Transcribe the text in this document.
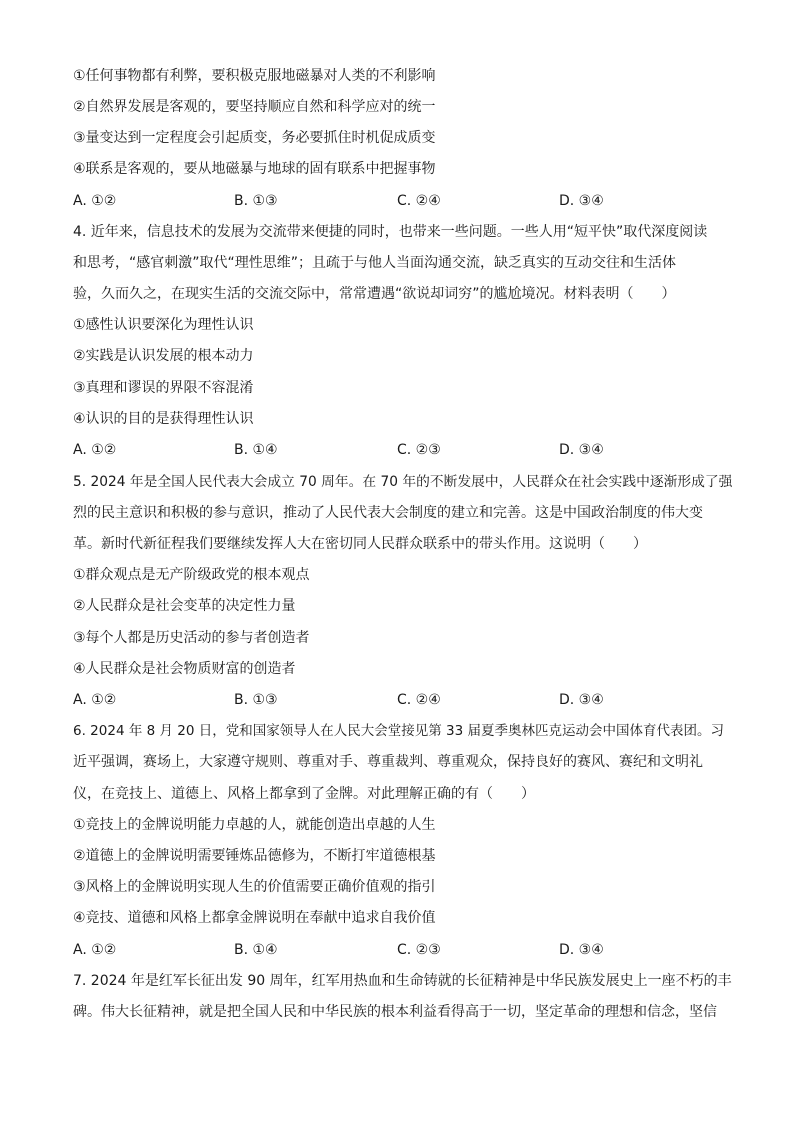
①任何事物都有利弊，要积极克服地磁暴对人类的不利影响
②自然界发展是客观的，要坚持顺应自然和科学应对的统一
③量变达到一定程度会引起质变，务必要抓住时机促成质变
④联系是客观的，要从地磁暴与地球的固有联系中把握事物
A. ①②	B. ①③	C. ②④	D. ③④
4. 近年来，信息技术的发展为交流带来便捷的同时，也带来一些问题。一些人用“短平快”取代深度阅读
和思考，“感官刺激”取代“理性思维”；且疏于与他人当面沟通交流，缺乏真实的互动交往和生活体
验，久而久之，在现实生活的交流交际中，常常遭遇“欲说却词穷”的尴尬境况。材料表明（　　）
①感性认识要深化为理性认识
②实践是认识发展的根本动力
③真理和谬误的界限不容混淆
④认识的目的是获得理性认识
A. ①②	B. ①④	C. ②③	D. ③④
5. 2024 年是全国人民代表大会成立 70 周年。在 70 年的不断发展中，人民群众在社会实践中逐渐形成了强
烈的民主意识和积极的参与意识，推动了人民代表大会制度的建立和完善。这是中国政治制度的伟大变
革。新时代新征程我们要继续发挥人大在密切同人民群众联系中的带头作用。这说明（　　）
①群众观点是无产阶级政党的根本观点
②人民群众是社会变革的决定性力量
③每个人都是历史活动的参与者创造者
④人民群众是社会物质财富的创造者
A. ①②	B. ①③	C. ②④	D. ③④
6. 2024 年 8 月 20 日，党和国家领导人在人民大会堂接见第 33 届夏季奥林匹克运动会中国体育代表团。习
近平强调，赛场上，大家遵守规则、尊重对手、尊重裁判、尊重观众，保持良好的赛风、赛纪和文明礼
仪，在竞技上、道德上、风格上都拿到了金牌。对此理解正确的有（　　）
①竞技上的金牌说明能力卓越的人，就能创造出卓越的人生
②道德上的金牌说明需要锤炼品德修为，不断打牢道德根基
③风格上的金牌说明实现人生的价值需要正确价值观的指引
④竞技、道德和风格上都拿金牌说明在奉献中追求自我价值
A. ①②	B. ①④	C. ②③	D. ③④
7. 2024 年是红军长征出发 90 周年，红军用热血和生命铸就的长征精神是中华民族发展史上一座不朽的丰
碑。伟大长征精神，就是把全国人民和中华民族的根本利益看得高于一切，坚定革命的理想和信念，坚信
